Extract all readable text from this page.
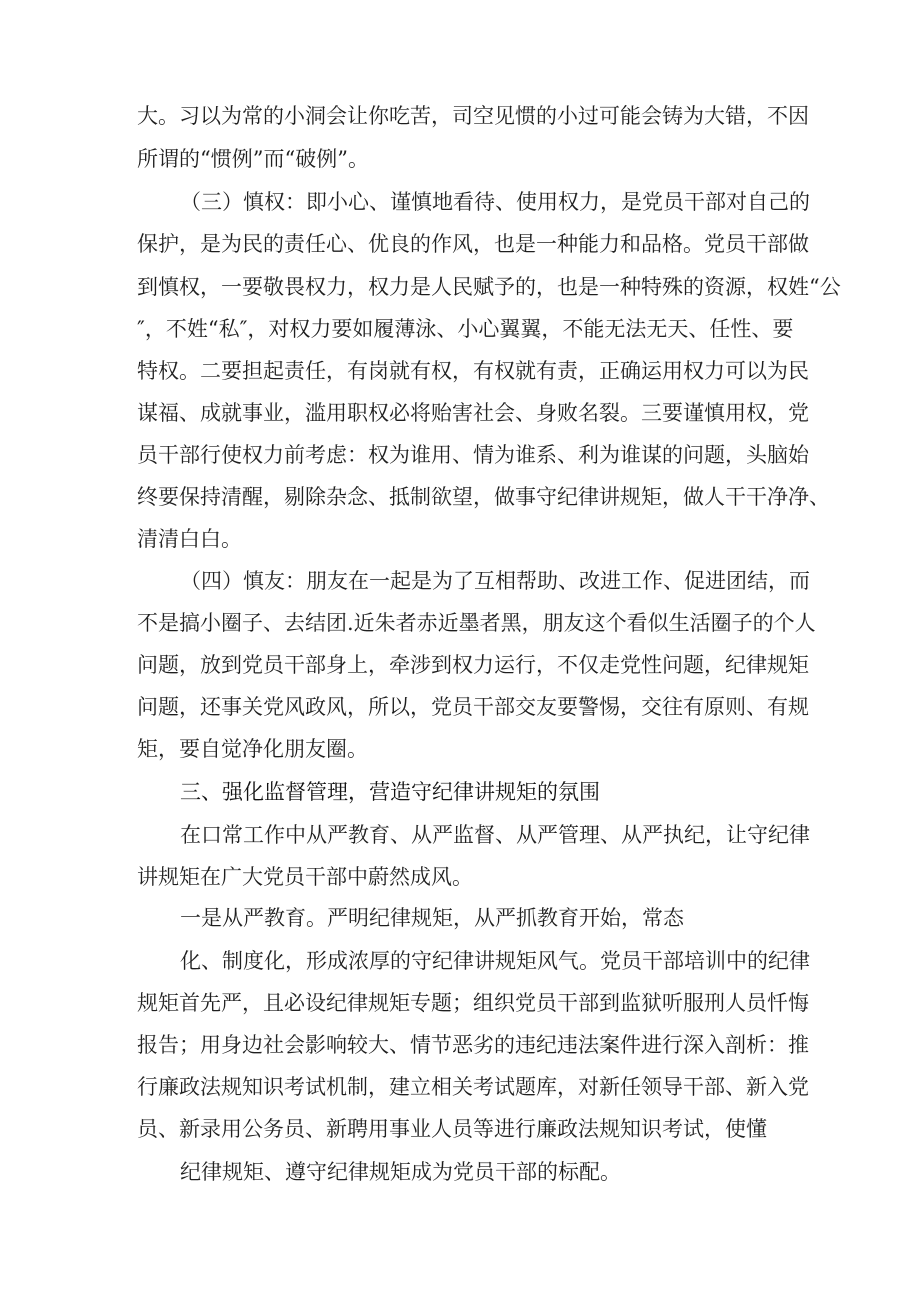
大。习以为常的小洞会让你吃苦，司空见惯的小过可能会铸为大错，不因
所谓的“惯例”而“破例”。
（三）慎权：即小心、谨慎地看待、使用权力，是党员干部对自己的
保护，是为民的责任心、优良的作风，也是一种能力和品格。党员干部做
到慎权，一要敬畏权力，权力是人民赋予的，也是一种特殊的资源，权姓“公
″，不姓“私″，对权力要如履薄泳、小心翼翼，不能无法无天、任性、要
特权。二要担起责任，有岗就有权，有权就有责，正确运用权力可以为民
谋福、成就事业，滥用职权必将贻害社会、身败名裂。三要谨慎用权，党
员干部行使权力前考虑：权为谁用、情为谁系、利为谁谋的问题，头脑始
终要保持清醒，剔除杂念、抵制欲望，做事守纪律讲规矩，做人干干净净、
清清白白。
（四）慎友：朋友在一起是为了互相帮助、改进工作、促进团结，而
不是搞小圈子、去结团.近朱者赤近墨者黑，朋友这个看似生活圈子的个人
问题，放到党员干部身上，牵涉到权力运行，不仅走党性问题，纪律规矩
问题，还事关党风政风，所以，党员干部交友要警惕，交往有原则、有规
矩，要自觉净化朋友圈。
三、强化监督管理，营造守纪律讲规矩的氛围
在口常工作中从严教育、从严监督、从严管理、从严执纪，让守纪律
讲规矩在广大党员干部中蔚然成风。
一是从严教育。严明纪律规矩，从严抓教育开始，常态
化、制度化，形成浓厚的守纪律讲规矩风气。党员干部培训中的纪律
规矩首先严，且必设纪律规矩专题；组织党员干部到监狱听服刑人员忏悔
报告；用身边社会影响较大、情节恶劣的违纪违法案件进行深入剖析：推
行廉政法规知识考试机制，建立相关考试题库，对新任领导干部、新入党
员、新录用公务员、新聘用事业人员等进行廉政法规知识考试，使懂
纪律规矩、遵守纪律规矩成为党员干部的标配。
